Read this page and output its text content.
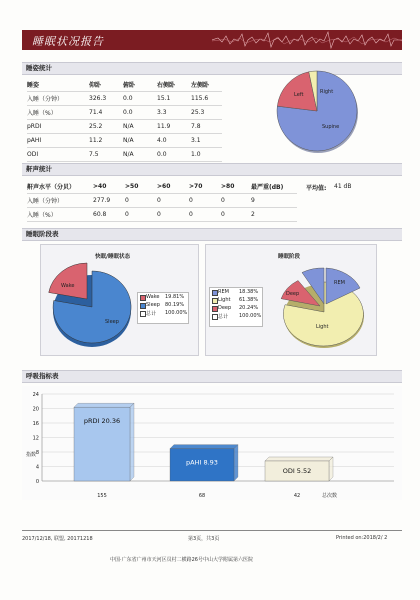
睡眠状况报告
睡姿统计
睡姿	仰卧	俯卧	右侧卧	左侧卧
入睡（分钟）	326.3	0.0	15.1	115.6
入睡（%）	71.4	0.0	3.3	25.3
pRDI	25.2	N/A	11.9	7.8
pAHI	11.2	N/A	4.0	3.1
ODI	7.5	N/A	0.0	1.0
Left	Right
Supine
鼾声统计
鼾声水平（分贝）	>40	>50	>60	>70	>80	最严重(dB)
入睡（分钟）	277.9	0	0	0	0	9
入睡（%）	60.8	0	0	0	0	2
平均值: 41 dB
睡眠阶段表
快眠/睡眠状态
Wake
Sleep
Wake 19.81%
Sleep 80.19%
总计 100.00%
睡眠阶段
REM 18.38%
Light 61.38%
Deep 20.24%
总计 100.00%
Deep
REM
Light
呼吸指标表
0
4
8
12
16
20
24
pRDI 20.36
155
pAHI 8.93
68
ODI 5.52
42
指数
总次数
2017/12/18, 联盟, 20171218	第3页，共3页	Printed on:2018/2/ 2
中国·广东省广州市天河区员村二横路26号中山大学附属第六医院
